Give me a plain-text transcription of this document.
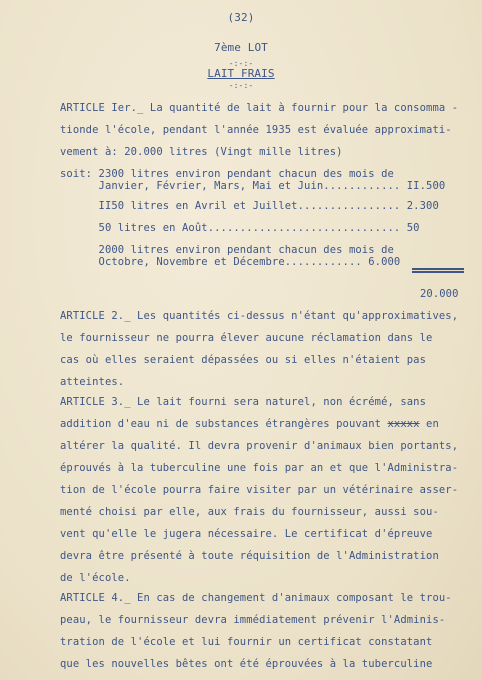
(32)
7ème LOT
-:-:-
LAIT FRAIS
-:-:-
ARTICLE Ier._ La quantité de lait à fournir pour la consomma -
tionde l'école, pendant l'année 1935 est évaluée approximati-
vement à: 20.000 litres (Vingt mille litres)
soit: 2300 litres environ pendant chacun des mois de
Janvier, Février, Mars, Mai et Juin............ II.500
II50 litres en Avril et Juillet................ 2.300
50 litres en Août.............................. 50
2000 litres environ pendant chacun des mois de
Octobre, Novembre et Décembre............ 6.000
20.000
ARTICLE 2._ Les quantités ci-dessus n'étant qu'approximatives,
le fournisseur ne pourra élever aucune réclamation dans le
cas où elles seraient dépassées ou si elles n'étaient pas
atteintes.
ARTICLE 3._ Le lait fourni sera naturel, non écrémé, sans
addition d'eau ni de substances étrangères pouvant xxxxx en
altérer la qualité. Il devra provenir d'animaux bien portants,
éprouvés à la tuberculine une fois par an et que l'Administra-
tion de l'école pourra faire visiter par un vétérinaire asser-
menté choisi par elle, aux frais du fournisseur, aussi sou-
vent qu'elle le jugera nécessaire. Le certificat d'épreuve
devra être présenté à toute réquisition de l'Administration
de l'école.
ARTICLE 4._ En cas de changement d'animaux composant le trou-
peau, le fournisseur devra immédiatement prévenir l'Adminis-
tration de l'école et lui fournir un certificat constatant
que les nouvelles bêtes ont été éprouvées à la tuberculine
